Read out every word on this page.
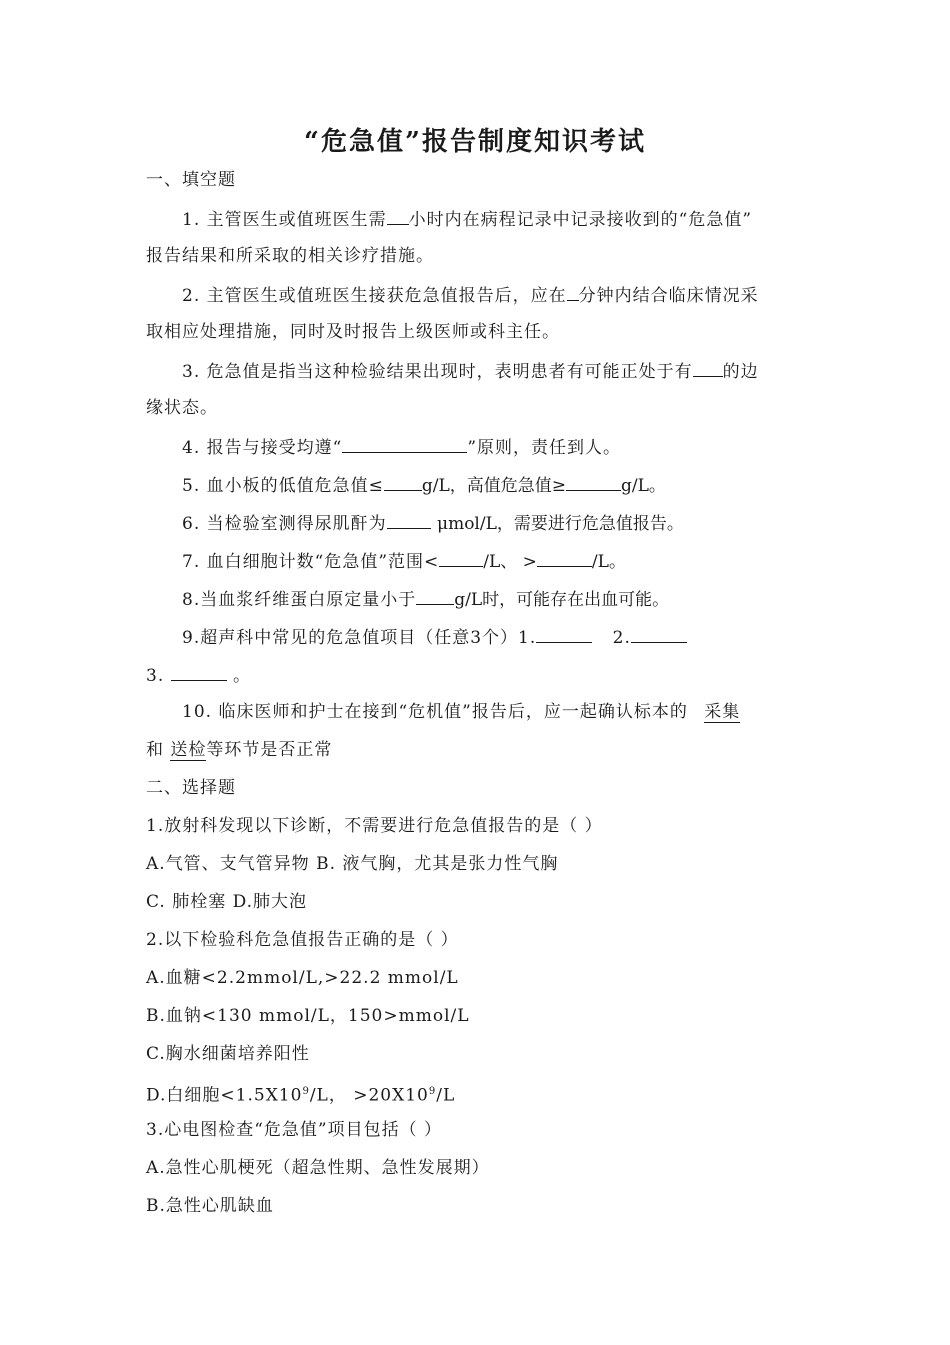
“危急值”报告制度知识考试
一、填空题
1. 主管医生或值班医生需 小时内在病程记录中记录接收到的“危急值”
报告结果和所采取的相关诊疗措施。
2. 主管医生或值班医生接获危急值报告后，应在 分钟内结合临床情况采
取相应处理措施，同时及时报告上级医师或科主任。
3. 危急值是指当这种检验结果出现时，表明患者有可能正处于有 的边
缘状态。
4. 报告与接受均遵“	”原则，责任到人。
5. 血小板的低值危急值≤ g/L，高值危急值≥	g/L。
6. 当检验室测得尿肌酐为	μmol/L，需要进行危急值报告。
7. 血白细胞计数“危急值”范围<	/L、 >	/L。
8.当血浆纤维蛋白原定量小于 g/L时，可能存在出血可能。
9.超声科中常见的危急值项目（任意3个）1.	2.
3.	。
10. 临床医师和护士在接到“危机值”报告后，应一起确认标本的 采集
和 送检等环节是否正常
二、选择题
1.放射科发现以下诊断，不需要进行危急值报告的是（ ）
A.气管、支气管异物 B. 液气胸，尤其是张力性气胸
C. 肺栓塞 D.肺大泡
2.以下检验科危急值报告正确的是（ ）
A.血糖<2.2mmol/L,>22.2 mmol/L
B.血钠<130 mmol/L，150>mmol/L
C.胸水细菌培养阳性
D.白细胞$<1.5X10^9/L$， $>20X10^9/L$
3.心电图检查“危急值”项目包括（ ）
A.急性心肌梗死（超急性期、急性发展期）
B.急性心肌缺血
